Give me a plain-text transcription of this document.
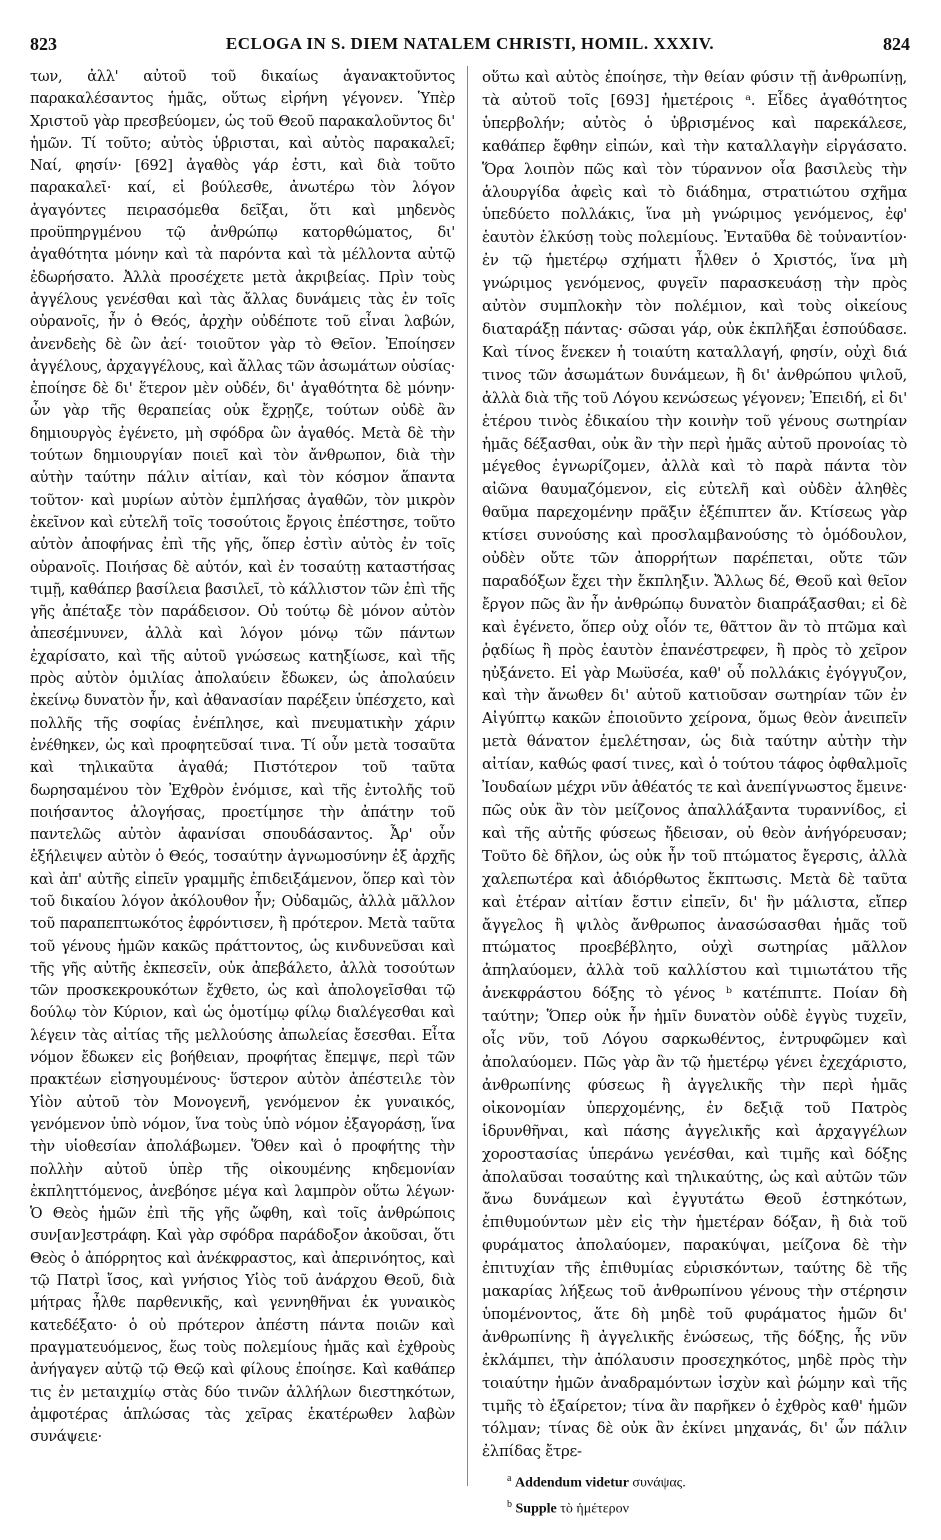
823	ECLOGA IN S. DIEM NATALEM CHRISTI, HOMIL. XXXIV.	824

των, ἀλλ' αὐτοῦ τοῦ δικαίως ἀγανακτοῦντος παρακαλέσαντος ἡμᾶς, οὕτως εἰρήνη γέγονεν. Ὑπὲρ Χριστοῦ γὰρ πρεσβεύομεν, ὡς τοῦ Θεοῦ παρακαλοῦντος δι' ἡμῶν. Τί τοῦτο; αὐτὸς ὑβρισται, καὶ αὐτὸς παρακαλεῖ; Ναί, φησίν· [692] ἀγαθὸς γάρ ἐστι, καὶ διὰ τοῦτο παρακαλεῖ· καί, εἰ βούλεσθε, ἀνωτέρω τὸν λόγον ἀγαγόντες πειρασόμεθα δεῖξαι, ὅτι καὶ μηδενὸς προϋπηργμένου τῷ ἀνθρώπῳ κατορθώματος, δι' ἀγαθότητα μόνην καὶ τὰ παρόντα καὶ τὰ μέλλοντα αὐτῷ ἐδωρήσατο. Ἀλλὰ προσέχετε μετὰ ἀκριβείας. Πρὶν τοὺς ἀγγέλους γενέσθαι καὶ τὰς ἄλλας δυνάμεις τὰς ἐν τοῖς οὐρανοῖς, ἦν ὁ Θεός, ἀρχὴν οὐδέποτε τοῦ εἶναι λαβών, ἀνενδεὴς δὲ ὢν ἀεί· τοιοῦτον γὰρ τὸ Θεῖον. Ἐποίησεν ἀγγέλους, ἀρχαγγέλους, καὶ ἄλλας τῶν ἀσωμάτων οὐσίας· ἐποίησε δὲ δι' ἕτερον μὲν οὐδέν, δι' ἀγαθότητα δὲ μόνην· ὧν γὰρ τῆς θεραπείας οὐκ ἔχρῃζε, τούτων οὐδὲ ἂν δημιουργὸς ἐγένετο, μὴ σφόδρα ὢν ἀγαθός. Μετὰ δὲ τὴν τούτων δημιουργίαν ποιεῖ καὶ τὸν ἄνθρωπον, διὰ τὴν αὐτὴν ταύτην πάλιν αἰτίαν, καὶ τὸν κόσμον ἅπαντα τοῦτον· καὶ μυρίων αὐτὸν ἐμπλήσας ἀγαθῶν, τὸν μικρὸν ἐκεῖνον καὶ εὐτελῆ τοῖς τοσούτοις ἔργοις ἐπέστησε, τοῦτο αὐτὸν ἀποφήνας ἐπὶ τῆς γῆς, ὅπερ ἐστὶν αὐτὸς ἐν τοῖς οὐρανοῖς. Ποιήσας δὲ αὐτόν, καὶ ἐν τοσαύτῃ καταστήσας τιμῇ, καθάπερ βασίλεια βασιλεῖ, τὸ κάλλιστον τῶν ἐπὶ τῆς γῆς ἀπέταξε τὸν παράδεισον. Οὐ τούτῳ δὲ μόνον αὐτὸν ἀπεσέμνυνεν, ἀλλὰ καὶ λόγον μόνῳ τῶν πάντων ἐχαρίσατο, καὶ τῆς αὐτοῦ γνώσεως κατηξίωσε, καὶ τῆς πρὸς αὐτὸν ὁμιλίας ἀπολαύειν ἔδωκεν, ὡς ἀπολαύειν ἐκείνῳ δυνατὸν ἦν, καὶ ἀθανασίαν παρέξειν ὑπέσχετο, καὶ πολλῆς τῆς σοφίας ἐνέπλησε, καὶ πνευματικὴν χάριν ἐνέθηκεν, ὡς καὶ προφητεῦσαί τινα. Τί οὖν μετὰ τοσαῦτα καὶ τηλικαῦτα ἀγαθά; Πιστότερον τοῦ ταῦτα δωρησαμένου τὸν Ἐχθρὸν ἐνόμισε, καὶ τῆς ἐντολῆς τοῦ ποιήσαντος ἀλογήσας, προετίμησε τὴν ἀπάτην τοῦ παντελῶς αὐτὸν ἀφανίσαι σπουδάσαντος. Ἆρ' οὖν ἐξήλειψεν αὐτὸν ὁ Θεός, τοσαύτην ἀγνωμοσύνην ἐξ ἀρχῆς καὶ ἀπ' αὐτῆς εἰπεῖν γραμμῆς ἐπιδειξάμενον, ὅπερ καὶ τὸν τοῦ δικαίου λόγον ἀκόλουθον ἦν; Οὐδαμῶς, ἀλλὰ μᾶλλον τοῦ παραπεπτωκότος ἐφρόντισεν, ἢ πρότερον. Μετὰ ταῦτα τοῦ γένους ἡμῶν κακῶς πράττοντος, ὡς κινδυνεῦσαι καὶ τῆς γῆς αὐτῆς ἐκπεσεῖν, οὐκ ἀπεβάλετο, ἀλλὰ τοσούτων τῶν προσκεκρουκότων ἔχθετο, ὡς καὶ ἀπολογεῖσθαι τῷ δούλῳ τὸν Κύριον, καὶ ὡς ὁμοτίμῳ φίλῳ διαλέγεσθαι καὶ λέγειν τὰς αἰτίας τῆς μελλούσης ἀπωλείας ἔσεσθαι. Εἶτα νόμον ἔδωκεν εἰς βοήθειαν, προφήτας ἔπεμψε, περὶ τῶν πρακτέων εἰσηγουμένους· ὕστερον αὐτὸν ἀπέστειλε τὸν Υἱὸν αὐτοῦ τὸν Μονογενῆ, γενόμενον ἐκ γυναικός, γενόμενον ὑπὸ νόμον, ἵνα τοὺς ὑπὸ νόμον ἐξαγοράσῃ, ἵνα τὴν υἱοθεσίαν ἀπολάβωμεν. Ὅθεν καὶ ὁ προφήτης τὴν πολλὴν αὐτοῦ ὑπὲρ τῆς οἰκουμένης κηδεμονίαν ἐκπληττόμενος, ἀνεβόησε μέγα καὶ λαμπρὸν οὕτω λέγων· Ὁ Θεὸς ἡμῶν ἐπὶ τῆς γῆς ὤφθη, καὶ τοῖς ἀνθρώποις συν[αν]εστράφη. Καὶ γὰρ σφόδρα παράδοξον ἀκοῦσαι, ὅτι Θεὸς ὁ ἀπόρρητος καὶ ἀνέκφραστος, καὶ ἀπερινόητος, καὶ τῷ Πατρὶ ἴσος, καὶ γνήσιος Υἱὸς τοῦ ἀνάρχου Θεοῦ, διὰ μήτρας ἦλθε παρθενικῆς, καὶ γεννηθῆναι ἐκ γυναικὸς κατεδέξατο· ὁ οὐ πρότερον ἀπέστη πάντα ποιῶν καὶ πραγματευόμενος, ἕως τοὺς πολεμίους ἡμᾶς καὶ ἐχθροὺς ἀνήγαγεν αὐτῷ τῷ Θεῷ καὶ φίλους ἐποίησε. Καὶ καθάπερ τις ἐν μεταιχμίῳ στὰς δύο τινῶν ἀλλήλων διεστηκότων, ἀμφοτέρας ἁπλώσας τὰς χεῖρας ἑκατέρωθεν λαβὼν συνάψειε·

οὕτω καὶ αὐτὸς ἐποίησε, τὴν θείαν φύσιν τῇ ἀνθρωπίνῃ, τὰ αὐτοῦ τοῖς [693] ἡμετέροις ᵃ. Εἶδες ἀγαθότητος ὑπερβολήν; αὐτὸς ὁ ὑβρισμένος καὶ παρεκάλεσε, καθάπερ ἔφθην εἰπών, καὶ τὴν καταλλαγὴν εἰργάσατο. Ὅρα λοιπὸν πῶς καὶ τὸν τύραννον οἷα βασιλεὺς τὴν ἁλουργίδα ἀφεὶς καὶ τὸ διάδημα, στρατιώτου σχῆμα ὑπεδύετο πολλάκις, ἵνα μὴ γνώριμος γενόμενος, ἐφ' ἑαυτὸν ἑλκύσῃ τοὺς πολεμίους. Ἐνταῦθα δὲ τοὐναντίον· ἐν τῷ ἡμετέρῳ σχήματι ἦλθεν ὁ Χριστός, ἵνα μὴ γνώριμος γενόμενος, φυγεῖν παρασκευάσῃ τὴν πρὸς αὐτὸν συμπλοκὴν τὸν πολέμιον, καὶ τοὺς οἰκείους διαταράξῃ πάντας· σῶσαι γάρ, οὐκ ἐκπλῆξαι ἐσπούδασε. Καὶ τίνος ἕνεκεν ἡ τοιαύτη καταλλαγή, φησίν, οὐχὶ διά τινος τῶν ἀσωμάτων δυνάμεων, ἢ δι' ἀνθρώπου ψιλοῦ, ἀλλὰ διὰ τῆς τοῦ Λόγου κενώσεως γέγονεν; Ἐπειδή, εἰ δι' ἑτέρου τινὸς ἐδικαίου τὴν κοινὴν τοῦ γένους σωτηρίαν ἡμᾶς δέξασθαι, οὐκ ἂν τὴν περὶ ἡμᾶς αὐτοῦ προνοίας τὸ μέγεθος ἐγνωρίζομεν, ἀλλὰ καὶ τὸ παρὰ πάντα τὸν αἰῶνα θαυμαζόμενον, εἰς εὐτελῆ καὶ οὐδὲν ἀληθὲς θαῦμα παρεχομένην πρᾶξιν ἐξέπιπτεν ἄν. Κτίσεως γὰρ κτίσει συνούσης καὶ προσλαμβανούσης τὸ ὁμόδουλον, οὐδὲν οὔτε τῶν ἀπορρήτων παρέπεται, οὔτε τῶν παραδόξων ἔχει τὴν ἔκπληξιν. Ἄλλως δέ, Θεοῦ καὶ θεῖον ἔργον πῶς ἂν ἦν ἀνθρώπῳ δυνατὸν διαπράξασθαι; εἰ δὲ καὶ ἐγένετο, ὅπερ οὐχ οἷόν τε, θᾶττον ἂν τὸ πτῶμα καὶ ῥᾳδίως ἢ πρὸς ἑαυτὸν ἐπανέστρεφεν, ἢ πρὸς τὸ χεῖρον ηὐξάνετο. Εἰ γὰρ Μωϋσέα, καθ' οὗ πολλάκις ἐγόγγυζον, καὶ τὴν ἄνωθεν δι' αὐτοῦ κατιοῦσαν σωτηρίαν τῶν ἐν Αἰγύπτῳ κακῶν ἐποιοῦντο χείρονα, ὅμως θεὸν ἀνειπεῖν μετὰ θάνατον ἐμελέτησαν, ὡς διὰ ταύτην αὐτὴν τὴν αἰτίαν, καθώς φασί τινες, καὶ ὁ τούτου τάφος ὀφθαλμοῖς Ἰουδαίων μέχρι νῦν ἀθέατός τε καὶ ἀνεπίγνωστος ἔμεινε· πῶς οὐκ ἂν τὸν μείζονος ἀπαλλάξαντα τυραννίδος, εἰ καὶ τῆς αὐτῆς φύσεως ἤδεισαν, οὐ θεὸν ἀνήγόρευσαν; Τοῦτο δὲ δῆλον, ὡς οὐκ ἦν τοῦ πτώματος ἔγερσις, ἀλλὰ χαλεπωτέρα καὶ ἀδιόρθωτος ἔκπτωσις. Μετὰ δὲ ταῦτα καὶ ἑτέραν αἰτίαν ἔστιν εἰπεῖν, δι' ἣν μάλιστα, εἴπερ ἄγγελος ἢ ψιλὸς ἄνθρωπος ἀνασώσασθαι ἡμᾶς τοῦ πτώματος προεβέβλητο, οὐχὶ σωτηρίας μᾶλλον ἀπηλαύομεν, ἀλλὰ τοῦ καλλίστου καὶ τιμιωτάτου τῆς ἀνεκφράστου δόξης τὸ γένος ᵇ κατέπιπτε. Ποίαν δὴ ταύτην; Ὅπερ οὐκ ἦν ἡμῖν δυνατὸν οὐδὲ ἐγγὺς τυχεῖν, οἷς νῦν, τοῦ Λόγου σαρκωθέντος, ἐντρυφῶμεν καὶ ἀπολαύομεν. Πῶς γὰρ ἂν τῷ ἡμετέρῳ γένει ἐχεχάριστο, ἀνθρωπίνης φύσεως ἢ ἀγγελικῆς τὴν περὶ ἡμᾶς οἰκονομίαν ὑπερχομένης, ἐν δεξιᾷ τοῦ Πατρὸς ἱδρυνθῆναι, καὶ πάσης ἀγγελικῆς καὶ ἀρχαγγέλων χοροστασίας ὑπεράνω γενέσθαι, καὶ τιμῆς καὶ δόξης ἀπολαῦσαι τοσαύτης καὶ τηλικαύτης, ὡς καὶ αὐτῶν τῶν ἄνω δυνάμεων καὶ ἐγγυτάτω Θεοῦ ἑστηκότων, ἐπιθυμούντων μὲν εἰς τὴν ἡμετέραν δόξαν, ἢ διὰ τοῦ φυράματος ἀπολαύομεν, παρακύψαι, μείζονα δὲ τὴν ἐπιτυχίαν τῆς ἐπιθυμίας εὑρισκόντων, ταύτης δὲ τῆς μακαρίας λήξεως τοῦ ἀνθρωπίνου γένους τὴν στέρησιν ὑπομένοντος, ἅτε δὴ μηδὲ τοῦ φυράματος ἡμῶν δι' ἀνθρωπίνης ἢ ἀγγελικῆς ἑνώσεως, τῆς δόξης, ἧς νῦν ἐκλάμπει, τὴν ἀπόλαυσιν προσεχηκότος, μηδὲ πρὸς τὴν τοιαύτην ἡμῶν ἀναδραμόντων ἰσχὺν καὶ ῥώμην καὶ τῆς τιμῆς τὸ ἐξαίρετον; τίνα ἂν παρῆκεν ὁ ἐχθρὸς καθ' ἡμῶν τόλμαν; τίνας δὲ οὐκ ἂν ἐκίνει μηχανάς, δι' ὧν πάλιν ἐλπίδας ἔτρε-

$^a$ Addendum videtur συνάψας.

$^b$ Supple τὸ ἡμέτερον
